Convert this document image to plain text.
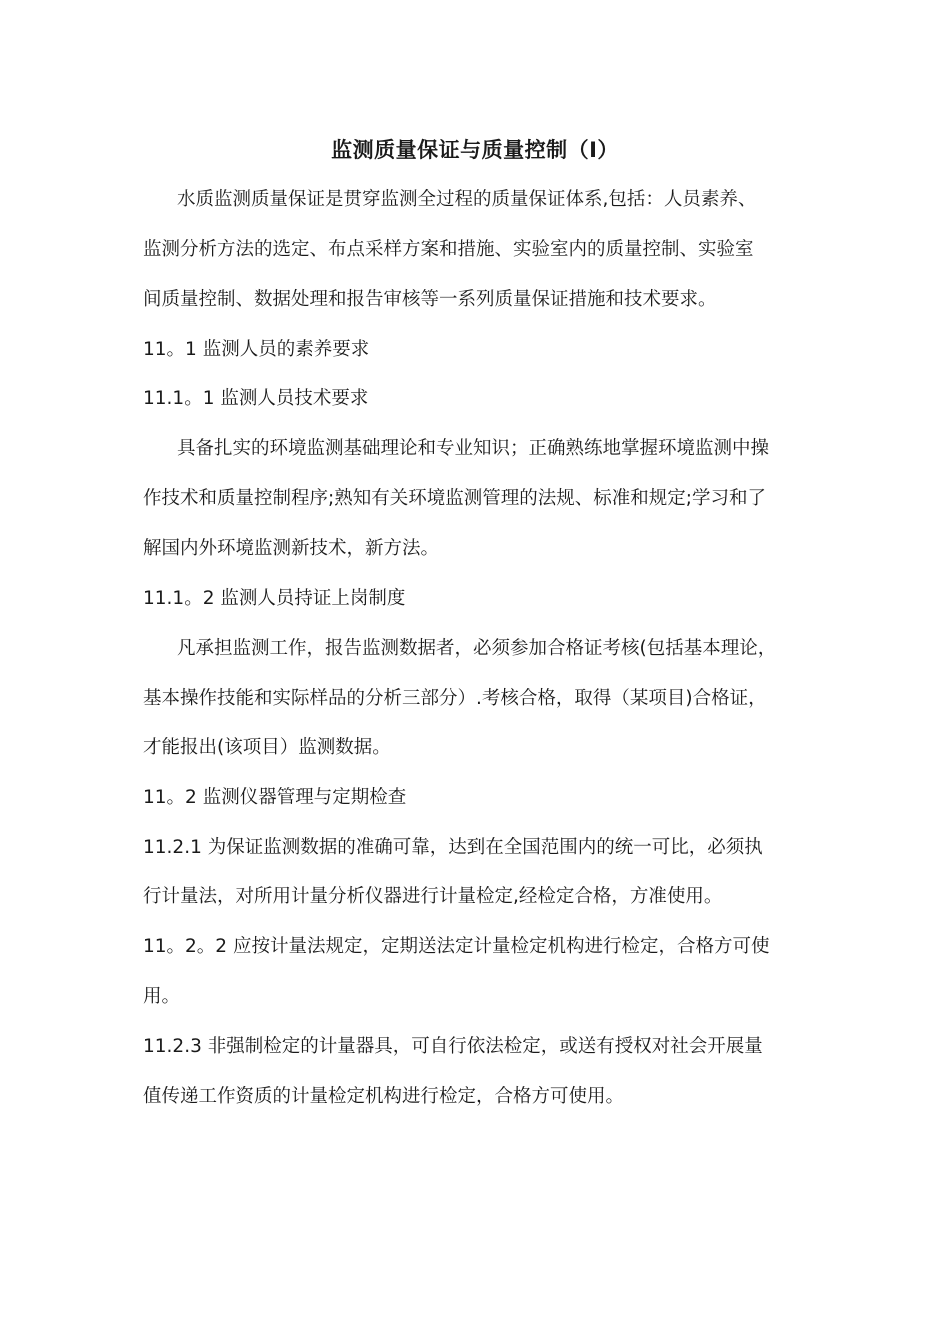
监测质量保证与质量控制（Ⅰ）

水质监测质量保证是贯穿监测全过程的质量保证体系,包括：人员素养、

监测分析方法的选定、布点采样方案和措施、实验室内的质量控制、实验室

间质量控制、数据处理和报告审核等一系列质量保证措施和技术要求。

11。1 监测人员的素养要求

11.1。1 监测人员技术要求

具备扎实的环境监测基础理论和专业知识；正确熟练地掌握环境监测中操

作技术和质量控制程序;熟知有关环境监测管理的法规、标准和规定;学习和了

解国内外环境监测新技术，新方法。

11.1。2 监测人员持证上岗制度

凡承担监测工作，报告监测数据者，必须参加合格证考核(包括基本理论，

基本操作技能和实际样品的分析三部分）.考核合格，取得（某项目)合格证，

才能报出(该项目）监测数据。

11。2 监测仪器管理与定期检查

11.2.1 为保证监测数据的准确可靠，达到在全国范围内的统一可比，必须执

行计量法，对所用计量分析仪器进行计量检定,经检定合格，方准使用。

11。2。2 应按计量法规定，定期送法定计量检定机构进行检定，合格方可使

用。

11.2.3 非强制检定的计量器具，可自行依法检定，或送有授权对社会开展量

值传递工作资质的计量检定机构进行检定，合格方可使用。
